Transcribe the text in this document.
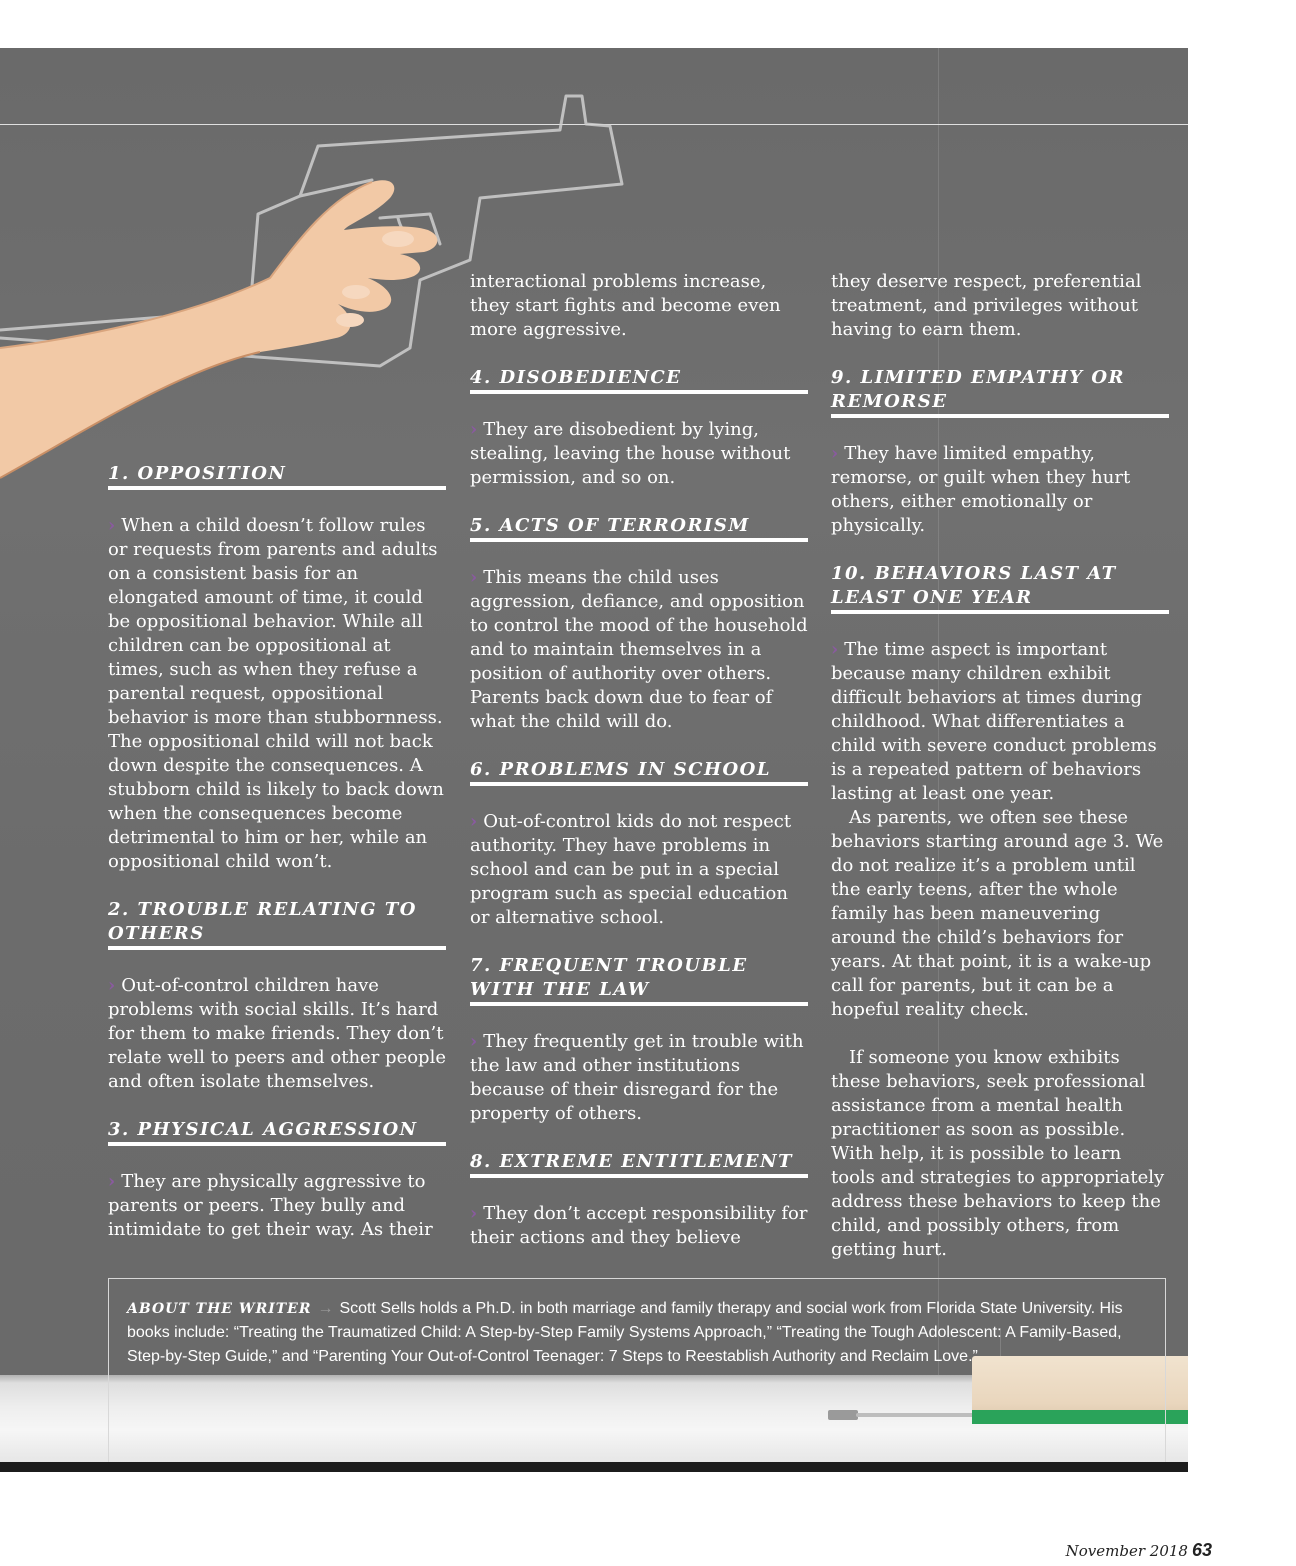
1. OPPOSITION

› When a child doesn’t follow rules or requests from parents and adults on a consistent basis for an elongated amount of time, it could be oppositional behavior. While all children can be oppositional at times, such as when they refuse a parental request, oppositional behavior is more than stubbornness. The oppositional child will not back down despite the consequences. A stubborn child is likely to back down when the consequences become detrimental to him or her, while an oppositional child won’t.

2. TROUBLE RELATING TO OTHERS

› Out-of-control children have problems with social skills. It’s hard for them to make friends. They don’t relate well to peers and other people and often isolate themselves.

3. PHYSICAL AGGRESSION

› They are physically aggressive to parents or peers. They bully and intimidate to get their way. As their

interactional problems increase, they start fights and become even more aggressive.

4. DISOBEDIENCE

› They are disobedient by lying, stealing, leaving the house without permission, and so on.

5. ACTS OF TERRORISM

› This means the child uses aggression, defiance, and opposition to control the mood of the household and to maintain themselves in a position of authority over others. Parents back down due to fear of what the child will do.

6. PROBLEMS IN SCHOOL

› Out-of-control kids do not respect authority. They have problems in school and can be put in a special program such as special education or alternative school.

7. FREQUENT TROUBLE WITH THE LAW

› They frequently get in trouble with the law and other institutions because of their disregard for the property of others.

8. EXTREME ENTITLEMENT

› They don’t accept responsibility for their actions and they believe

they deserve respect, preferential treatment, and privileges without having to earn them.

9. LIMITED EMPATHY OR REMORSE

› They have limited empathy, remorse, or guilt when they hurt others, either emotionally or physically.

10. BEHAVIORS LAST AT LEAST ONE YEAR

› The time aspect is important because many children exhibit difficult behaviors at times during childhood. What differentiates a child with severe conduct problems is a repeated pattern of behaviors lasting at least one year.

As parents, we often see these behaviors starting around age 3. We do not realize it’s a problem until the early teens, after the whole family has been maneuvering around the child’s behaviors for years. At that point, it is a wake-up call for parents, but it can be a hopeful reality check.

If someone you know exhibits these behaviors, seek professional assistance from a mental health practitioner as soon as possible. With help, it is possible to learn tools and strategies to appropriately address these behaviors to keep the child, and possibly others, from getting hurt.

ABOUT THE WRITER → Scott Sells holds a Ph.D. in both marriage and family therapy and social work from Florida State University. His books include: “Treating the Traumatized Child: A Step-by-Step Family Systems Approach,” “Treating the Tough Adolescent: A Family-Based, Step-by-Step Guide,” and “Parenting Your Out-of-Control Teenager: 7 Steps to Reestablish Authority and Reclaim Love.”
November 2018 63
